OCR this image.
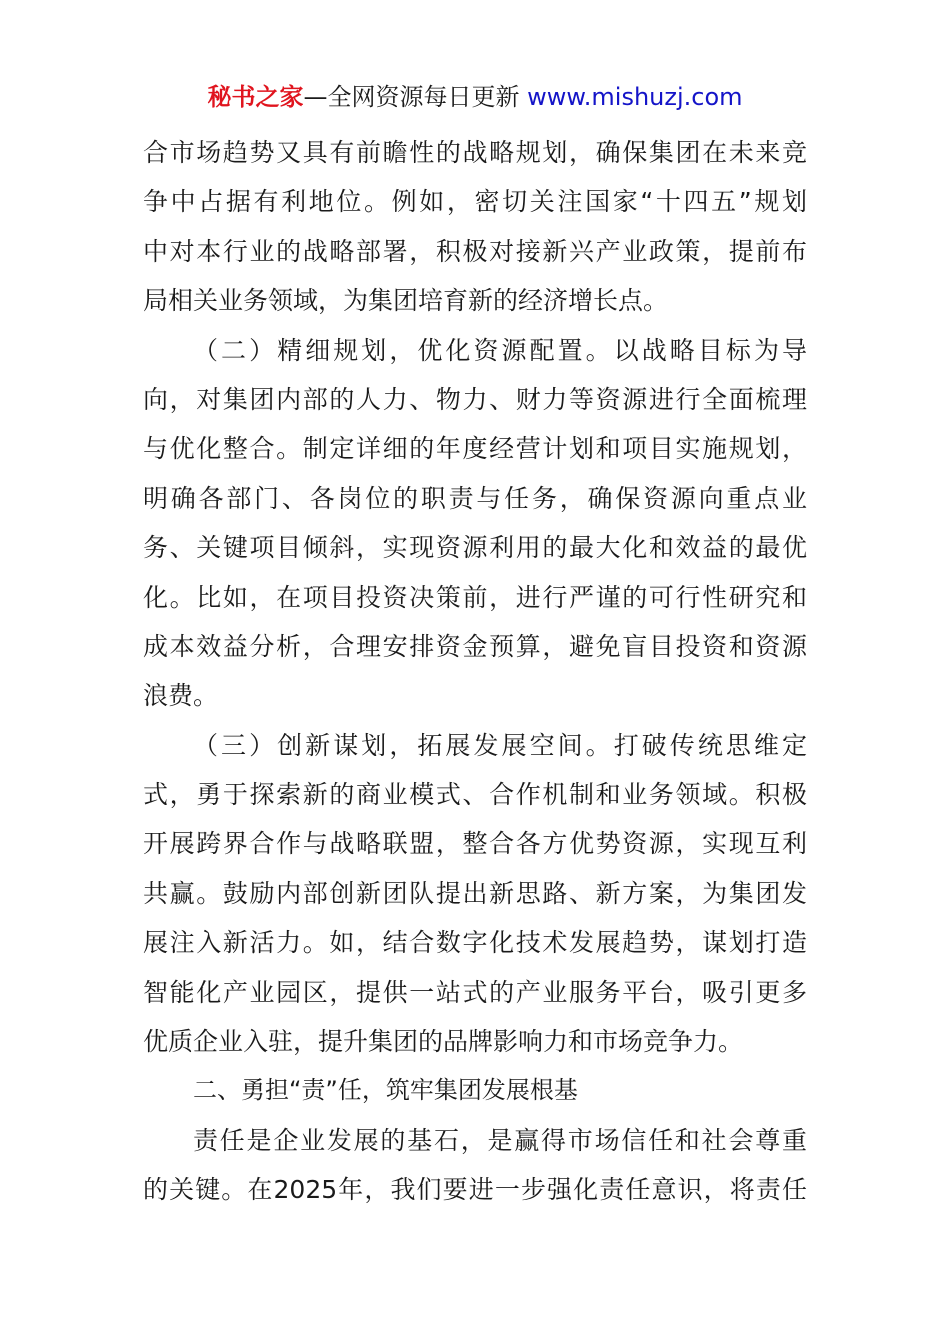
秘书之家—全网资源每日更新 www.mishuzj.com
合市场趋势又具有前瞻性的战略规划，确保集团在未来竞
争中占据有利地位。例如，密切关注国家“十四五”规划
中对本行业的战略部署，积极对接新兴产业政策，提前布
局相关业务领域，为集团培育新的经济增长点。
（二）精细规划，优化资源配置。以战略目标为导
向，对集团内部的人力、物力、财力等资源进行全面梳理
与优化整合。制定详细的年度经营计划和项目实施规划，
明确各部门、各岗位的职责与任务，确保资源向重点业
务、关键项目倾斜，实现资源利用的最大化和效益的最优
化。比如，在项目投资决策前，进行严谨的可行性研究和
成本效益分析，合理安排资金预算，避免盲目投资和资源
浪费。
（三）创新谋划，拓展发展空间。打破传统思维定
式，勇于探索新的商业模式、合作机制和业务领域。积极
开展跨界合作与战略联盟，整合各方优势资源，实现互利
共赢。鼓励内部创新团队提出新思路、新方案，为集团发
展注入新活力。如，结合数字化技术发展趋势，谋划打造
智能化产业园区，提供一站式的产业服务平台，吸引更多
优质企业入驻，提升集团的品牌影响力和市场竞争力。
二、勇担“责”任，筑牢集团发展根基
责任是企业发展的基石，是赢得市场信任和社会尊重
的关键。在2025年，我们要进一步强化责任意识，将责任
